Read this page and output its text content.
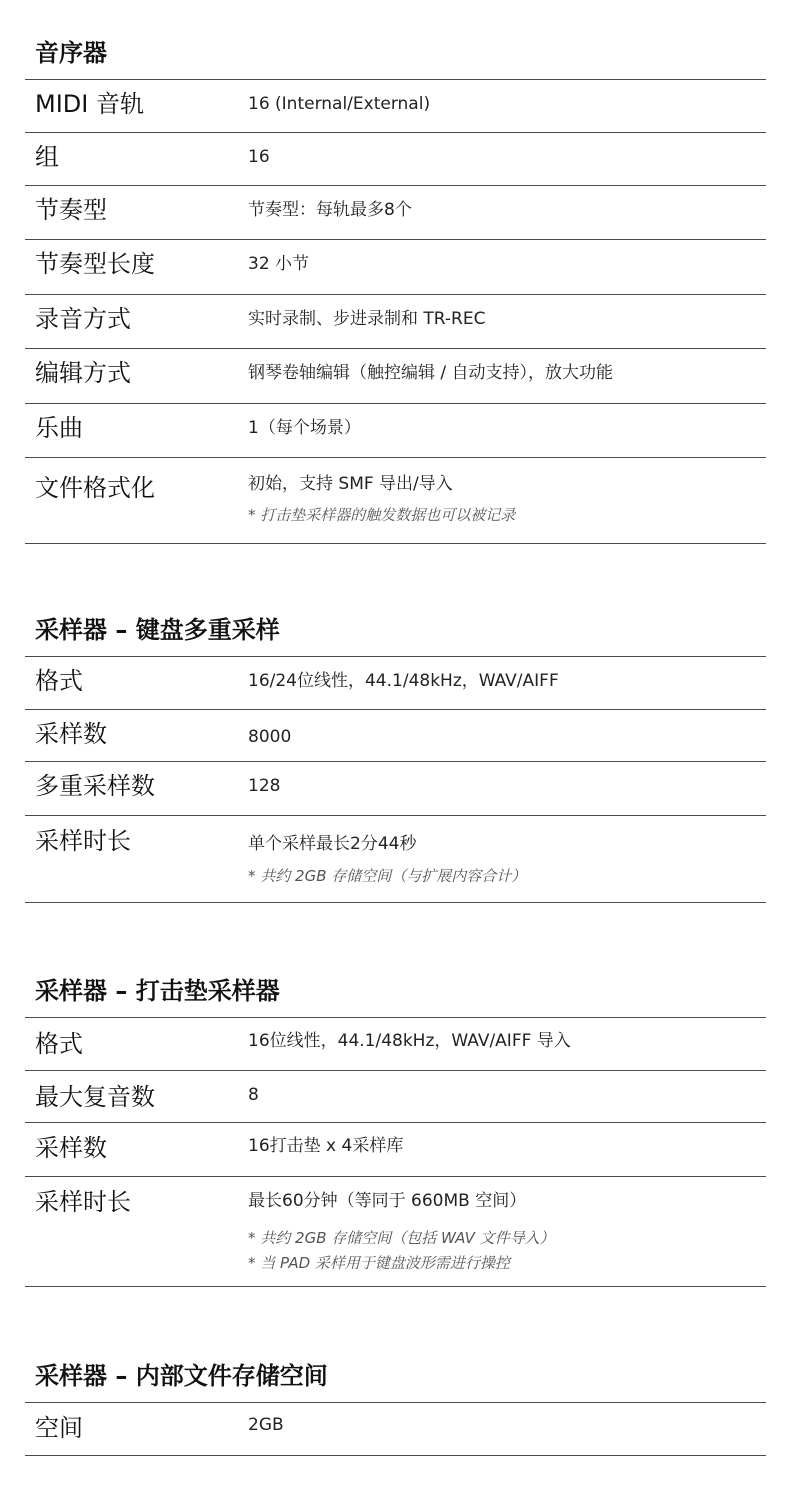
音序器
MIDI 音轨	16 (Internal/External)
组	16
节奏型	节奏型：每轨最多8个
节奏型长度	32 小节
录音方式	实时录制、步进录制和 TR-REC
编辑方式	钢琴卷轴编辑（触控编辑 / 自动支持），放大功能
乐曲	1（每个场景）
文件格式化	初始，支持 SMF 导出/导入
* 打击垫采样器的触发数据也可以被记录
采样器 – 键盘多重采样
格式	16/24位线性，44.1/48kHz，WAV/AIFF
采样数	8000
多重采样数	128
采样时长	单个采样最长2分44秒
* 共约 2GB 存储空间（与扩展内容合计）
采样器 – 打击垫采样器
格式	16位线性，44.1/48kHz，WAV/AIFF 导入
最大复音数	8
采样数	16打击垫 x 4采样库
采样时长	最长60分钟（等同于 660MB 空间）
* 共约 2GB 存储空间（包括 WAV 文件导入）
* 当 PAD 采样用于键盘波形需进行操控
采样器 – 内部文件存储空间
空间	2GB
